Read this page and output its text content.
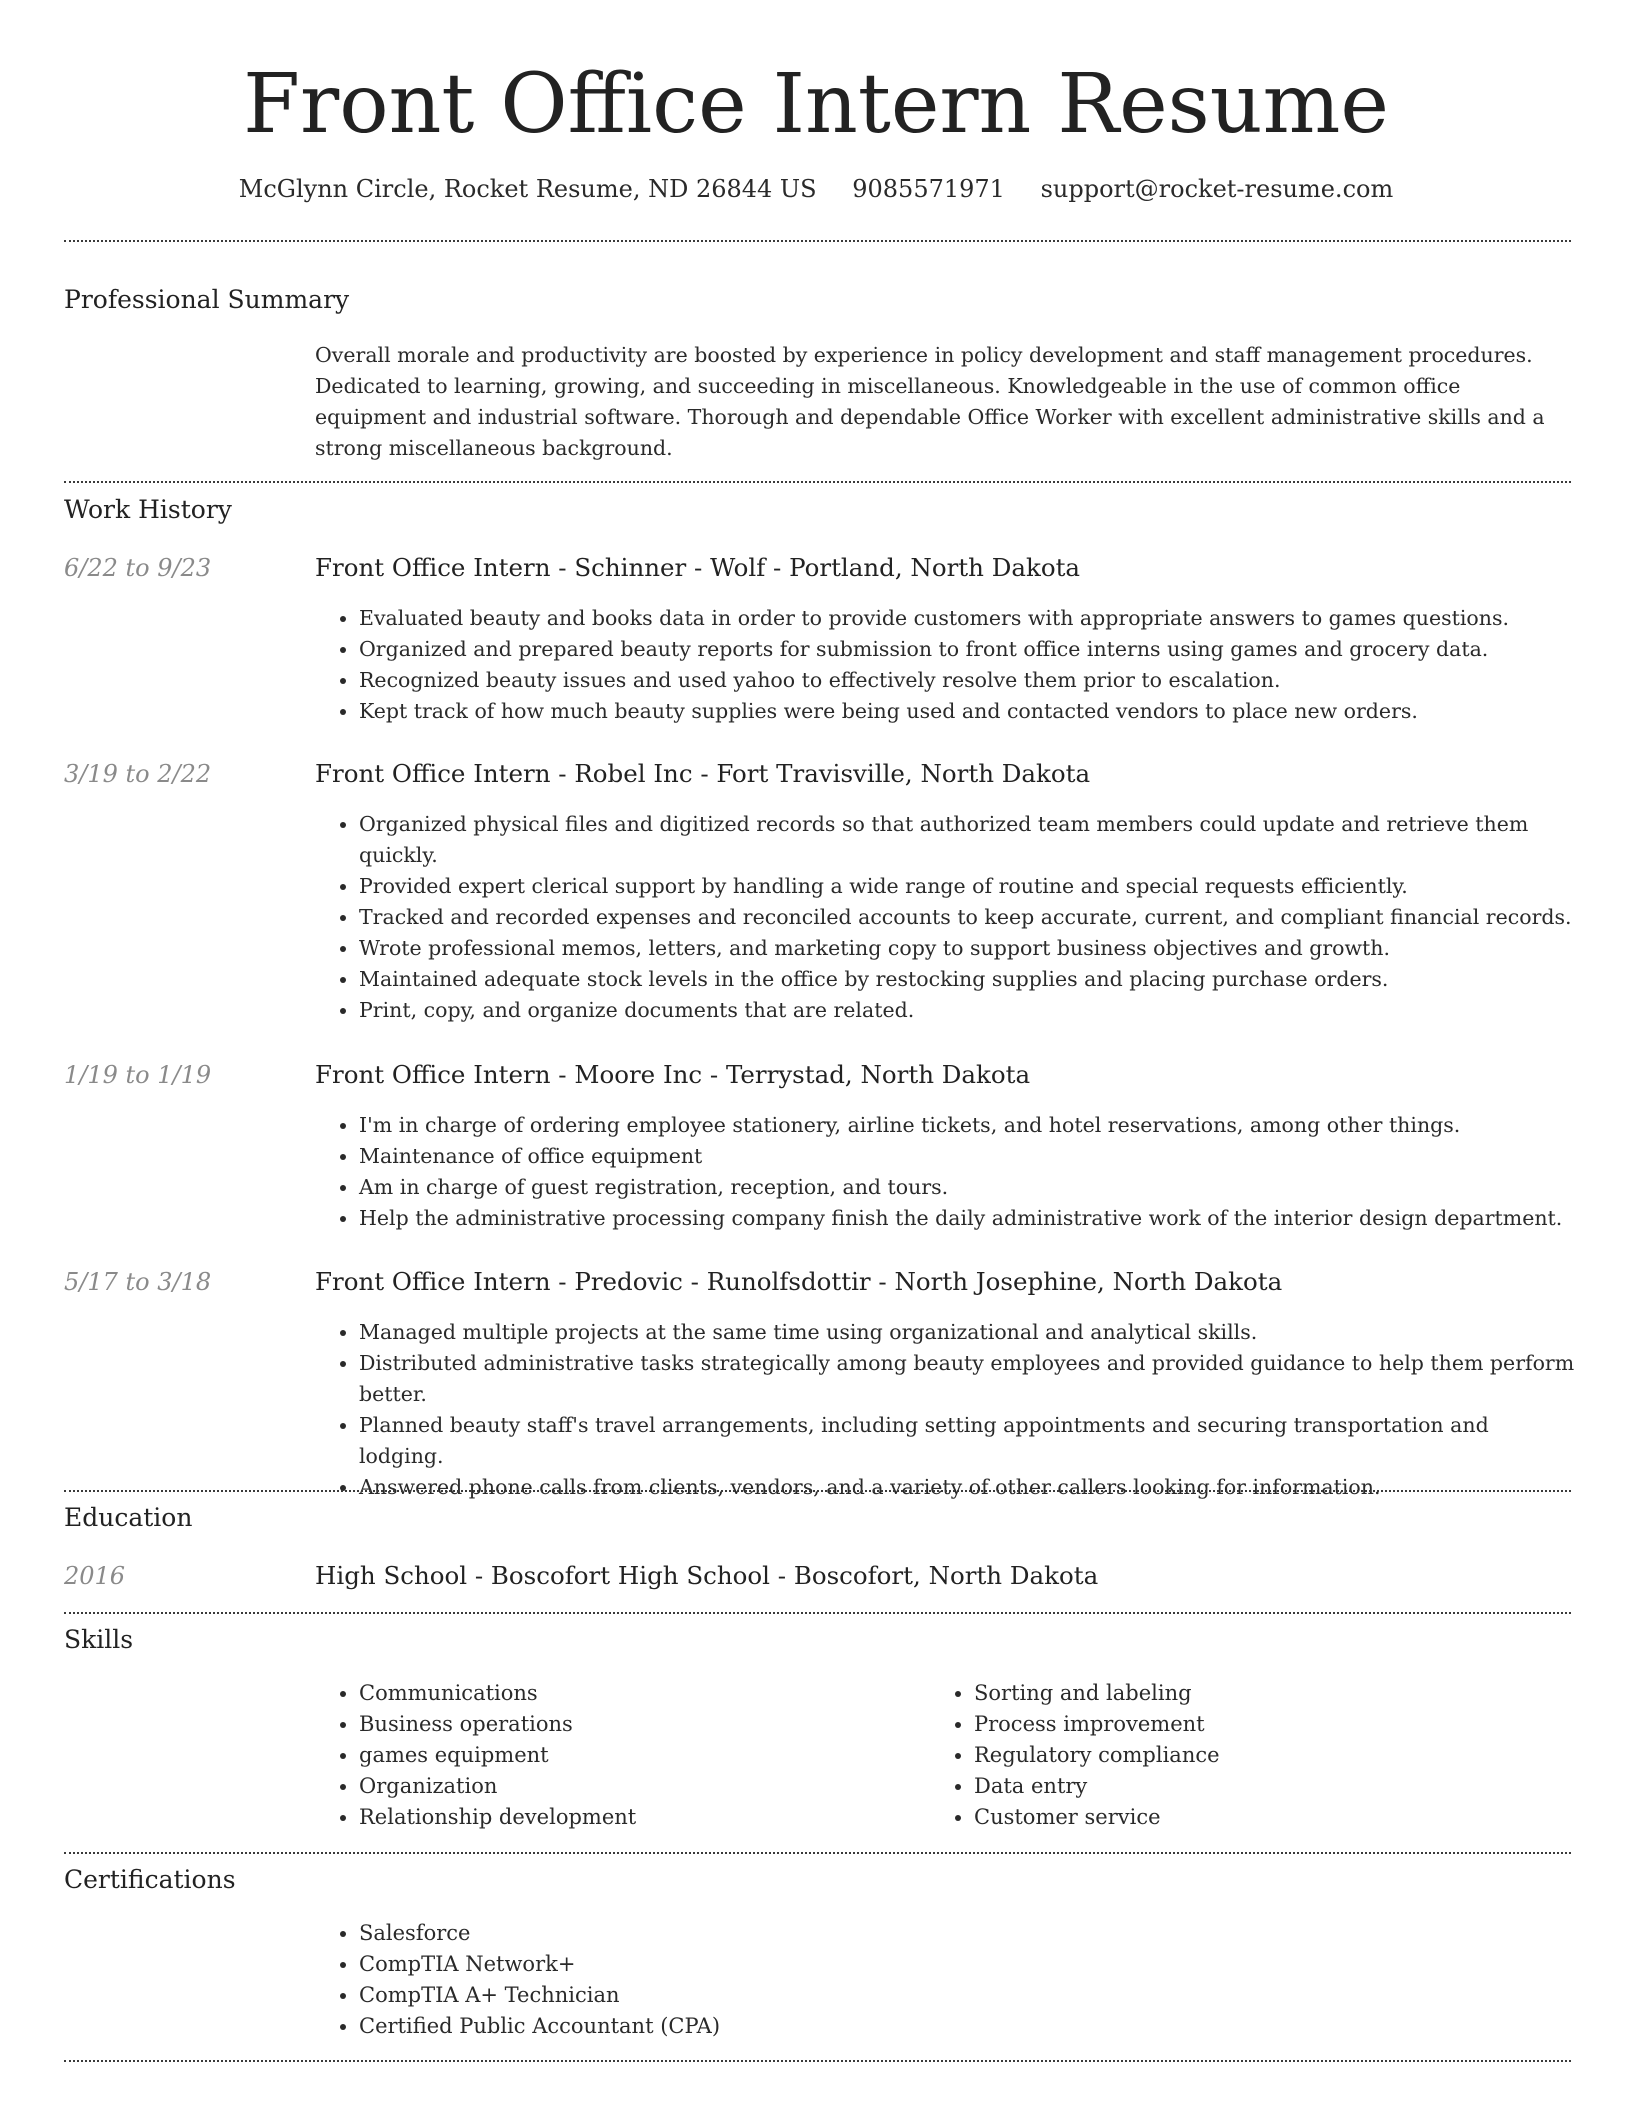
Front Office Intern Resume
McGlynn Circle, Rocket Resume, ND 26844 US 9085571971 support@rocket-resume.com
Professional Summary

Overall morale and productivity are boosted by experience in policy development and staff management procedures. Dedicated to learning, growing, and succeeding in miscellaneous. Knowledgeable in the use of common office equipment and industrial software. Thorough and dependable Office Worker with excellent administrative skills and a strong miscellaneous background.

Work History
6/22 to 9/23	Front Office Intern - Schinner - Wolf - Portland, North Dakota
• Evaluated beauty and books data in order to provide customers with appropriate answers to games questions.
• Organized and prepared beauty reports for submission to front office interns using games and grocery data.
• Recognized beauty issues and used yahoo to effectively resolve them prior to escalation.
• Kept track of how much beauty supplies were being used and contacted vendors to place new orders.
3/19 to 2/22	Front Office Intern - Robel Inc - Fort Travisville, North Dakota
• Organized physical files and digitized records so that authorized team members could update and retrieve them quickly.
• Provided expert clerical support by handling a wide range of routine and special requests efficiently.
• Tracked and recorded expenses and reconciled accounts to keep accurate, current, and compliant financial records.
• Wrote professional memos, letters, and marketing copy to support business objectives and growth.
• Maintained adequate stock levels in the office by restocking supplies and placing purchase orders.
• Print, copy, and organize documents that are related.
1/19 to 1/19	Front Office Intern - Moore Inc - Terrystad, North Dakota
• I'm in charge of ordering employee stationery, airline tickets, and hotel reservations, among other things.
• Maintenance of office equipment
• Am in charge of guest registration, reception, and tours.
• Help the administrative processing company finish the daily administrative work of the interior design department.
5/17 to 3/18	Front Office Intern - Predovic - Runolfsdottir - North Josephine, North Dakota
• Managed multiple projects at the same time using organizational and analytical skills.
• Distributed administrative tasks strategically among beauty employees and provided guidance to help them perform better.
• Planned beauty staff's travel arrangements, including setting appointments and securing transportation and lodging.
• Answered phone calls from clients, vendors, and a variety of other callers looking for information.
Education
2016	High School - Boscofort High School - Boscofort, North Dakota
Skills
• Communications
• Business operations
• games equipment
• Organization
• Relationship development
• Sorting and labeling
• Process improvement
• Regulatory compliance
• Data entry
• Customer service
Certifications
• Salesforce
• CompTIA Network+
• CompTIA A+ Technician
• Certified Public Accountant (CPA)
